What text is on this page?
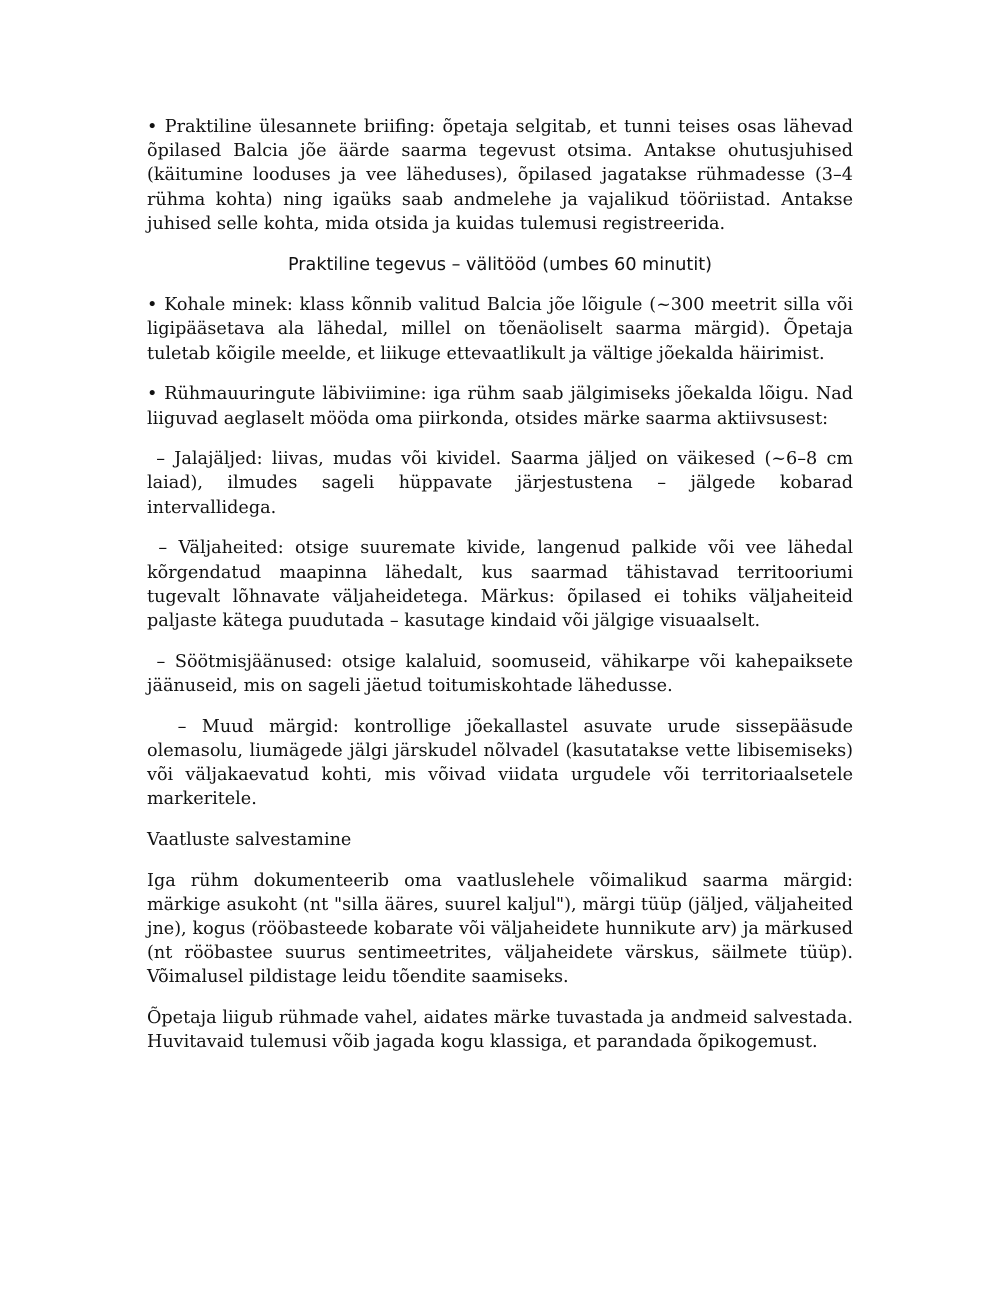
• Praktiline ülesannete briifing: õpetaja selgitab, et tunni teises osas lähevad õpilased Balcia jõe äärde saarma tegevust otsima. Antakse ohutusjuhised (käitumine looduses ja vee läheduses), õpilased jagatakse rühmadesse (3–4 rühma kohta) ning igaüks saab andmelehe ja vajalikud tööriistad. Antakse juhised selle kohta, mida otsida ja kuidas tulemusi registreerida.

Praktiline tegevus – välitööd (umbes 60 minutit)

• Kohale minek: klass kõnnib valitud Balcia jõe lõigule (~300 meetrit silla või ligipääsetava ala lähedal, millel on tõenäoliselt saarma märgid). Õpetaja tuletab kõigile meelde, et liikuge ettevaatlikult ja vältige jõekalda häirimist.

• Rühmauuringute läbiviimine: iga rühm saab jälgimiseks jõekalda lõigu. Nad liiguvad aeglaselt mööda oma piirkonda, otsides märke saarma aktiivsusest:

– Jalajäljed: liivas, mudas või kividel. Saarma jäljed on väikesed (~6–8 cm laiad), ilmudes sageli hüppavate järjestustena – jälgede kobarad intervallidega.

– Väljaheited: otsige suuremate kivide, langenud palkide või vee lähedal kõrgendatud maapinna lähedalt, kus saarmad tähistavad territooriumi tugevalt lõhnavate väljaheidetega. Märkus: õpilased ei tohiks väljaheiteid paljaste kätega puudutada – kasutage kindaid või jälgige visuaalselt.

– Söötmisjäänused: otsige kalaluid, soomuseid, vähikarpe või kahepaiksete jäänuseid, mis on sageli jäetud toitumiskohtade lähedusse.

– Muud märgid: kontrollige jõekallastel asuvate urude sissepääsude olemasolu, liumägede jälgi järskudel nõlvadel (kasutatakse vette libisemiseks) või väljakaevatud kohti, mis võivad viidata urgudele või territoriaalsetele markeritele.

Vaatluste salvestamine

Iga rühm dokumenteerib oma vaatluslehele võimalikud saarma märgid: märkige asukoht (nt "silla ääres, suurel kaljul"), märgi tüüp (jäljed, väljaheited jne), kogus (rööbasteede kobarate või väljaheidete hunnikute arv) ja märkused (nt rööbastee suurus sentimeetrites, väljaheidete värskus, säilmete tüüp). Võimalusel pildistage leidu tõendite saamiseks.

Õpetaja liigub rühmade vahel, aidates märke tuvastada ja andmeid salvestada. Huvitavaid tulemusi võib jagada kogu klassiga, et parandada õpikogemust.
